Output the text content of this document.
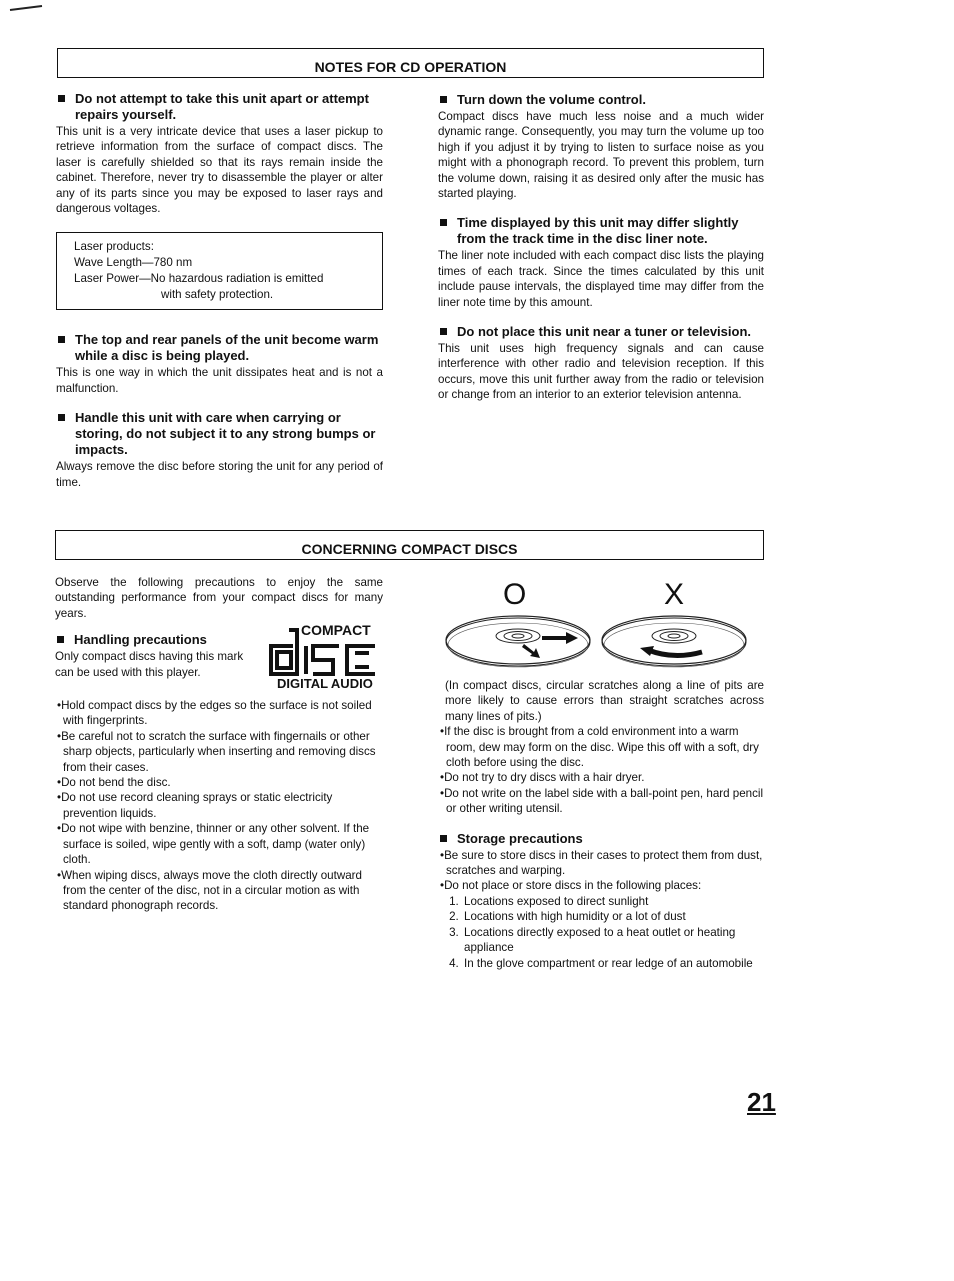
NOTES FOR CD OPERATION
Do not attempt to take this unit apart or attempt repairs yourself.

This unit is a very intricate device that uses a laser pickup to retrieve information from the surface of compact discs. The laser is carefully shielded so that its rays remain inside the cabinet. Therefore, never try to disassemble the player or alter any of its parts since you may be exposed to laser rays and dangerous voltages.

Laser products:
Wave Length—780 nm
Laser Power—No hazardous radiation is emitted
with safety protection.
The top and rear panels of the unit become warm while a disc is being played.

This is one way in which the unit dissipates heat and is not a malfunction.

Handle this unit with care when carrying or storing, do not subject it to any strong bumps or impacts.

Always remove the disc before storing the unit for any period of time.

Turn down the volume control.

Compact discs have much less noise and a much wider dynamic range. Consequently, you may turn the volume up too high if you adjust it by trying to listen to surface noise as you might with a phonograph record. To prevent this problem, turn the volume down, raising it as desired only after the music has started playing.

Time displayed by this unit may differ slightly from the track time in the disc liner note.

The liner note included with each compact disc lists the playing times of each track. Since the times calculated by this unit include pause intervals, the displayed time may differ from the liner note time by this amount.

Do not place this unit near a tuner or television.

This unit uses high frequency signals and can cause interference with other radio and television reception. If this occurs, move this unit further away from the radio or television or change from an interior to an exterior television antenna.

CONCERNING COMPACT DISCS

Observe the following precautions to enjoy the same outstanding performance from your compact discs for many years.

Handling precautions

Only compact discs having this mark can be used with this player.

• Hold compact discs by the edges so the surface is not soiled with fingerprints.

• Be careful not to scratch the surface with fingernails or other sharp objects, particularly when inserting and removing discs from their cases.

• Do not bend the disc.

• Do not use record cleaning sprays or static electricity prevention liquids.

• Do not wipe with benzine, thinner or any other solvent. If the surface is soiled, wipe gently with a soft, damp (water only) cloth.

• When wiping discs, always move the cloth directly outward from the center of the disc, not in a circular motion as with standard phonograph records.

COMPACT
DIGITAL AUDIO
O	X

(In compact discs, circular scratches along a line of pits are more likely to cause errors than straight scratches across many lines of pits.)

• If the disc is brought from a cold environment into a warm room, dew may form on the disc. Wipe this off with a soft, dry cloth before using the disc.

• Do not try to dry discs with a hair dryer.

• Do not write on the label side with a ball-point pen, hard pencil or other writing utensil.

Storage precautions

• Be sure to store discs in their cases to protect them from dust, scratches and warping.

• Do not place or store discs in the following places:

1. Locations exposed to direct sunlight
2. Locations with high humidity or a lot of dust
3. Locations directly exposed to a heat outlet or heating appliance
4. In the glove compartment or rear ledge of an automobile
21
